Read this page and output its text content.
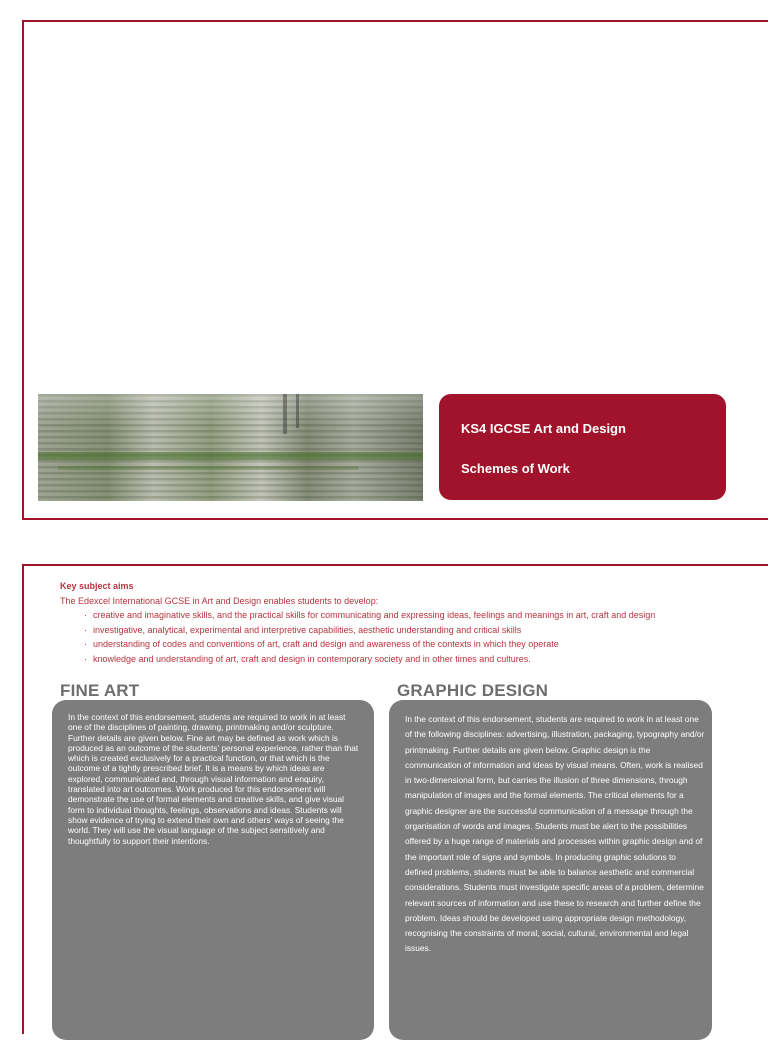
KS4 IGCSE Art and Design
Schemes of Work
Key subject aims
The Edexcel International GCSE in Art and Design enables students to develop:
· creative and imaginative skills, and the practical skills for communicating and expressing ideas, feelings and meanings in art, craft and design
· investigative, analytical, experimental and interpretive capabilities, aesthetic understanding and critical skills
· understanding of codes and conventions of art, craft and design and awareness of the contexts in which they operate
· knowledge and understanding of art, craft and design in contemporary society and in other times and cultures.
FINE ART	GRAPHIC DESIGN
In the context of this endorsement, students are required to work in at least one of the disciplines of painting, drawing, printmaking and/or sculpture. Further details are given below. Fine art may be defined as work which is produced as an outcome of the students' personal experience, rather than that which is created exclusively for a practical function, or that which is the outcome of a tightly prescribed brief. It is a means by which ideas are explored, communicated and, through visual information and enquiry, translated into art outcomes. Work produced for this endorsement will demonstrate the use of formal elements and creative skills, and give visual form to individual thoughts, feelings, observations and ideas. Students will show evidence of trying to extend their own and others' ways of seeing the world. They will use the visual language of the subject sensitively and thoughtfully to support their intentions.
In the context of this endorsement, students are required to work in at least one of the following disciplines: advertising, illustration, packaging, typography and/or printmaking. Further details are given below. Graphic design is the communication of information and ideas by visual means. Often, work is realised in two-dimensional form, but carries the illusion of three dimensions, through manipulation of images and the formal elements. The critical elements for a graphic designer are the successful communication of a message through the organisation of words and images. Students must be alert to the possibilities offered by a huge range of materials and processes within graphic design and of the important role of signs and symbols. In producing graphic solutions to defined problems, students must be able to balance aesthetic and commercial considerations. Students must investigate specific areas of a problem, determine relevant sources of information and use these to research and further define the problem. Ideas should be developed using appropriate design methodology, recognising the constraints of moral, social, cultural, environmental and legal issues.
